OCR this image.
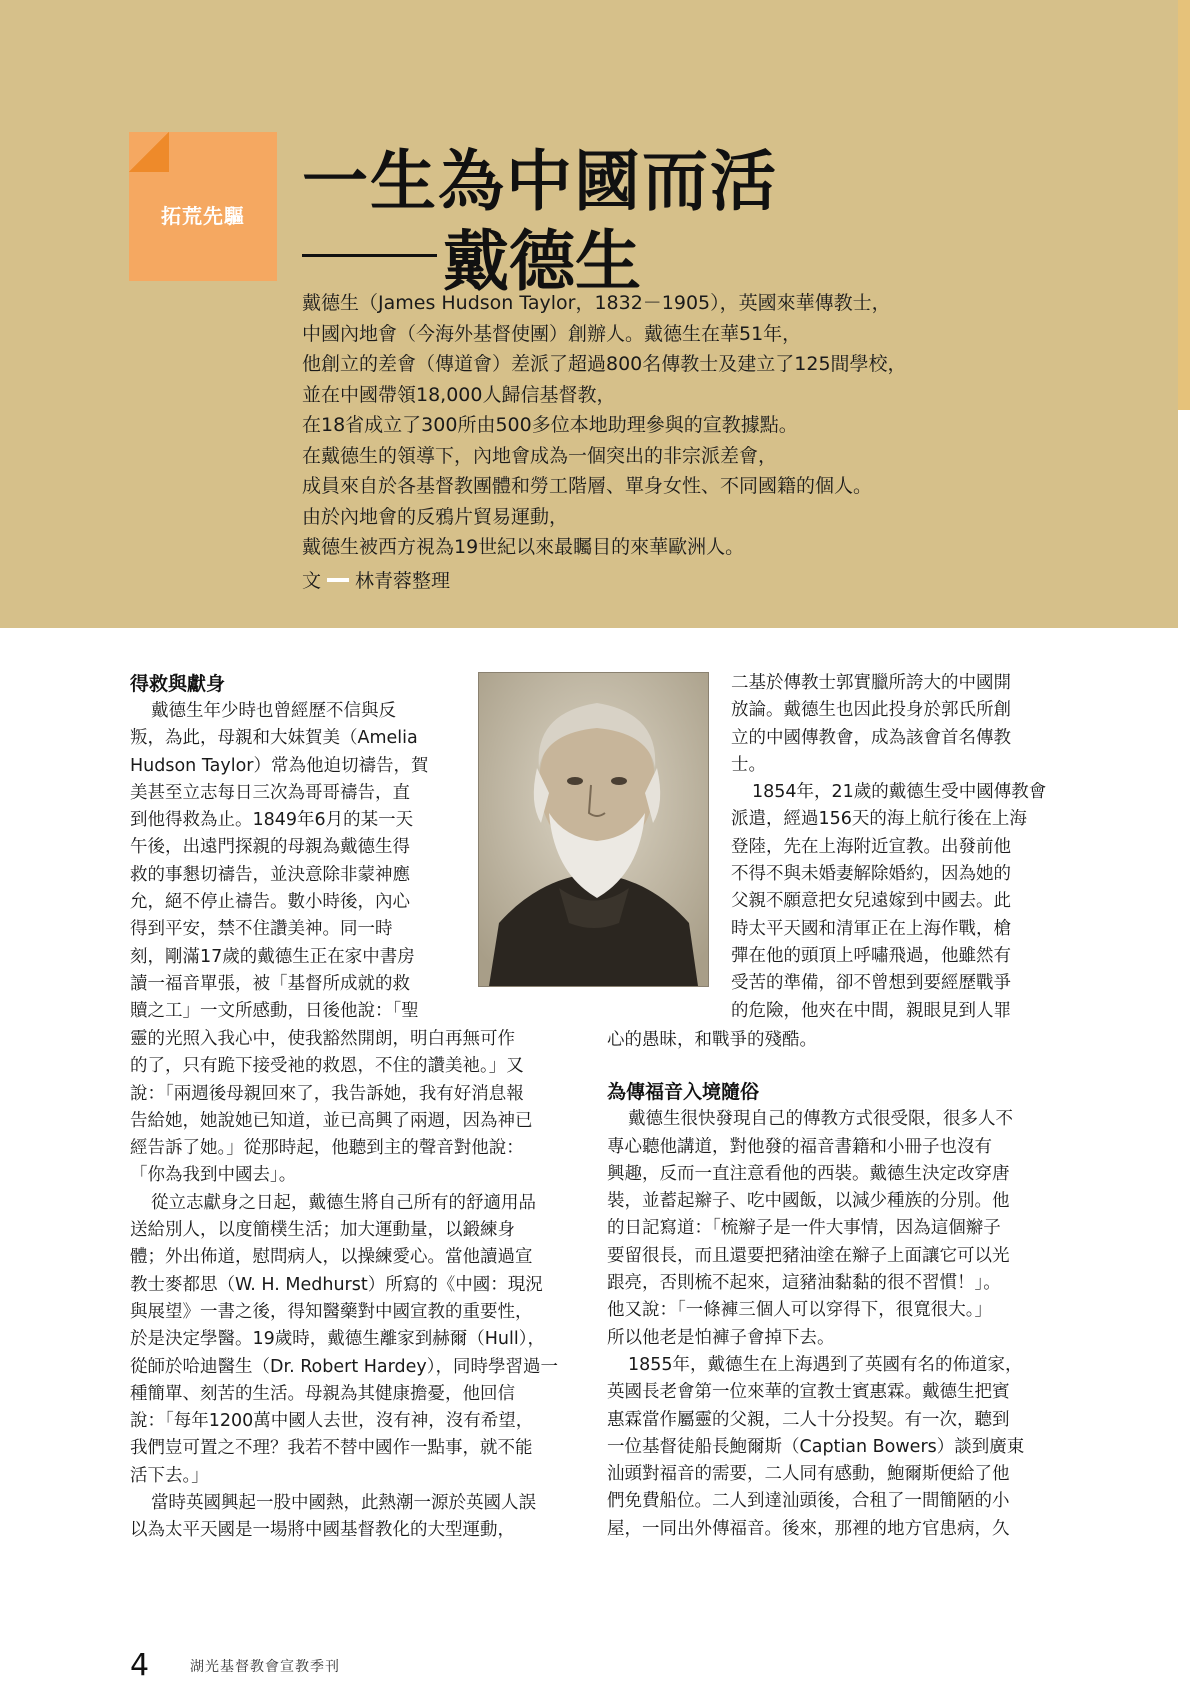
拓荒先驅 一生為中國而活
戴德生

戴德生（James Hudson Taylor，1832－1905），英國來華傳教士，

中國內地會（今海外基督使團）創辦人。戴德生在華51年，

他創立的差會（傳道會）差派了超過800名傳教士及建立了125間學校，

並在中國帶領18,000人歸信基督教，

在18省成立了300所由500多位本地助理參與的宣教據點。

在戴德生的領導下，內地會成為一個突出的非宗派差會，

成員來自於各基督教團體和勞工階層、單身女性、不同國籍的個人。

由於內地會的反鴉片貿易運動，

戴德生被西方視為19世紀以來最矚目的來華歐洲人。

文 林青蓉整理

得救與獻身

戴德生年少時也曾經歷不信與反

叛，為此，母親和大妹賀美（Amelia

Hudson Taylor）常為他迫切禱告，賀

美甚至立志每日三次為哥哥禱告，直

到他得救為止。1849年6月的某一天

午後，出遠門探親的母親為戴德生得

救的事懇切禱告，並決意除非蒙神應

允，絕不停止禱告。數小時後，內心

得到平安，禁不住讚美神。同一時

刻，剛滿17歲的戴德生正在家中書房

讀一福音單張，被「基督所成就的救

贖之工」一文所感動，日後他說：「聖

靈的光照入我心中，使我豁然開朗，明白再無可作

的了，只有跪下接受祂的救恩，不住的讚美祂。」又

說：「兩週後母親回來了，我告訴她，我有好消息報

告給她，她說她已知道，並已高興了兩週，因為神已

經告訴了她。」從那時起，他聽到主的聲音對他說：

「你為我到中國去」。

從立志獻身之日起，戴德生將自己所有的舒適用品

送給別人，以度簡樸生活；加大運動量，以鍛練身

體；外出佈道，慰問病人，以操練愛心。當他讀過宣

教士麥都思（W. H. Medhurst）所寫的《中國：現況

與展望》一書之後，得知醫藥對中國宣教的重要性，

於是決定學醫。19歲時，戴德生離家到赫爾（Hull），

從師於哈迪醫生（Dr. Robert Hardey），同時學習過一

種簡單、刻苦的生活。母親為其健康擔憂，他回信

說：「每年1200萬中國人去世，沒有神，沒有希望，

我們豈可置之不理？我若不替中國作一點事，就不能

活下去。」

當時英國興起一股中國熱，此熱潮一源於英國人誤

以為太平天國是一場將中國基督教化的大型運動，

二基於傳教士郭實臘所誇大的中國開

放論。戴德生也因此投身於郭氏所創

立的中國傳教會，成為該會首名傳教

士。

1854年，21歲的戴德生受中國傳教會

派遣，經過156天的海上航行後在上海

登陸，先在上海附近宣教。出發前他

不得不與未婚妻解除婚約，因為她的

父親不願意把女兒遠嫁到中國去。此

時太平天國和清軍正在上海作戰，槍

彈在他的頭頂上呼嘯飛過，他雖然有

受苦的準備，卻不曾想到要經歷戰爭

的危險，他夾在中間，親眼見到人罪

心的愚昧，和戰爭的殘酷。

為傳福音入境隨俗

戴德生很快發現自己的傳教方式很受限，很多人不

專心聽他講道，對他發的福音書籍和小冊子也沒有

興趣，反而一直注意看他的西裝。戴德生決定改穿唐

裝，並蓄起辮子、吃中國飯，以減少種族的分別。他

的日記寫道：「梳辮子是一件大事情，因為這個辮子

要留很長，而且還要把豬油塗在辮子上面讓它可以光

跟亮，否則梳不起來，這豬油黏黏的很不習慣！」。

他又說：「一條褲三個人可以穿得下，很寬很大。」

所以他老是怕褲子會掉下去。

1855年，戴德生在上海遇到了英國有名的佈道家，

英國長老會第一位來華的宣教士賓惠霖。戴德生把賓

惠霖當作屬靈的父親，二人十分投契。有一次，聽到

一位基督徒船長鮑爾斯（Captian Bowers）談到廣東

汕頭對福音的需要，二人同有感動，鮑爾斯便給了他

們免費船位。二人到達汕頭後，合租了一間簡陋的小

屋，一同出外傳福音。後來，那裡的地方官患病，久

4	湖光基督教會宣教季刊
